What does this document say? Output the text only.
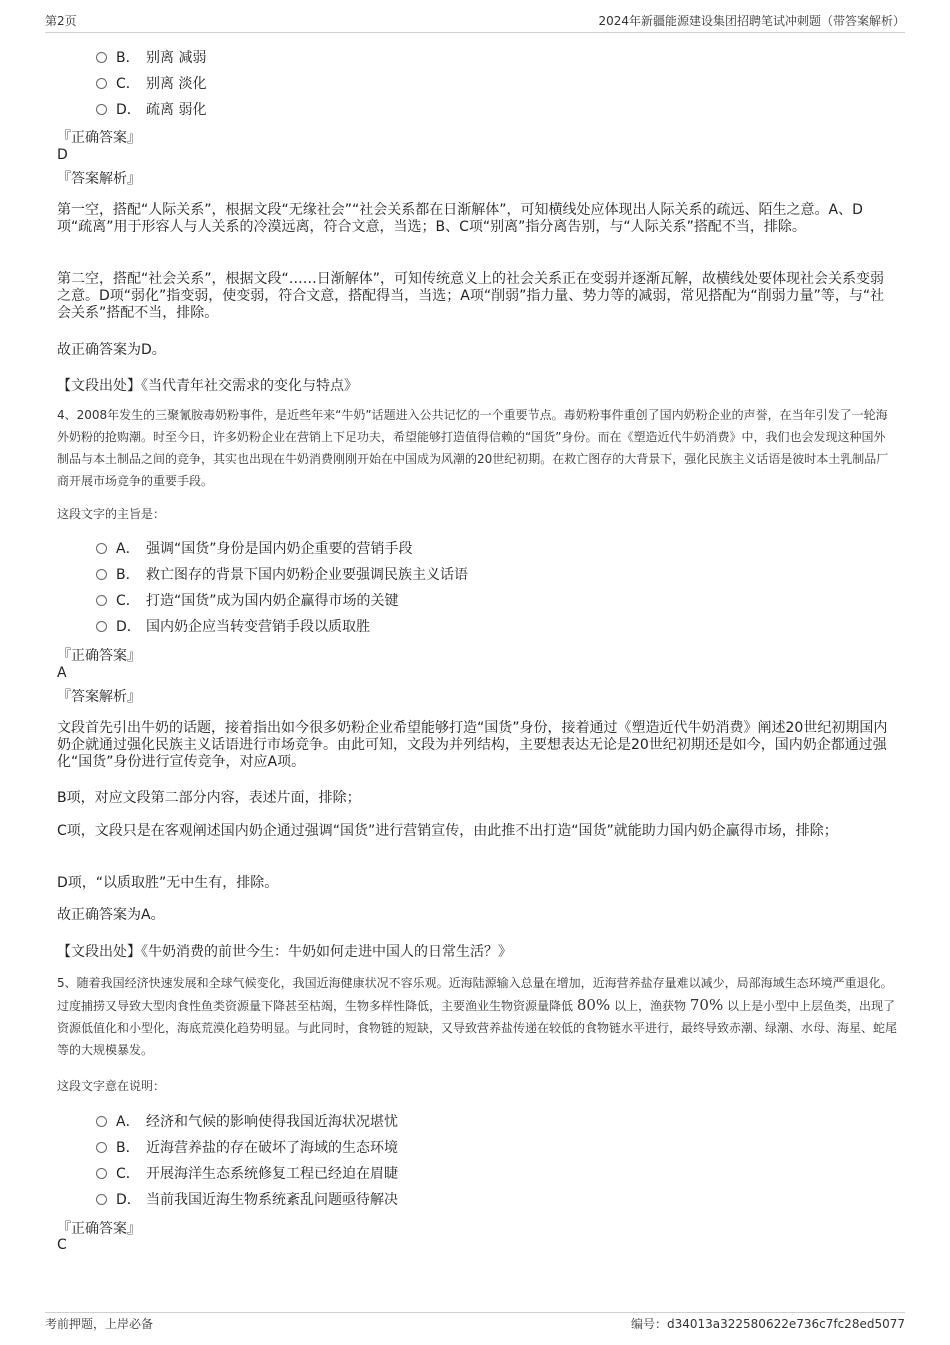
第2页	2024年新疆能源建设集团招聘笔试冲刺题（带答案解析）
B． 别离 减弱
C． 别离 淡化
D． 疏离 弱化
『正确答案』
D
『答案解析』
第一空，搭配“人际关系”，根据文段“无缘社会”“社会关系都在日渐解体”，可知横线处应体现出人际关系的疏远、陌生之意。A、D项“疏离”用于形容人与人关系的冷漠远离，符合文意，当选；B、C项“别离”指分离告别，与“人际关系”搭配不当，排除。
第二空，搭配“社会关系”，根据文段“……日渐解体”，可知传统意义上的社会关系正在变弱并逐渐瓦解，故横线处要体现社会关系变弱之意。D项“弱化”指变弱，使变弱，符合文意，搭配得当，当选；A项“削弱”指力量、势力等的减弱，常见搭配为“削弱力量”等，与“社会关系”搭配不当，排除。
故正确答案为D。
【文段出处】《当代青年社交需求的变化与特点》
4、2008年发生的三聚氰胺毒奶粉事件，是近些年来“牛奶”话题进入公共记忆的一个重要节点。毒奶粉事件重创了国内奶粉企业的声誉，在当年引发了一轮海外奶粉的抢购潮。时至今日，许多奶粉企业在营销上下足功夫，希望能够打造值得信赖的“国货”身份。而在《塑造近代牛奶消费》中，我们也会发现这种国外制品与本土制品之间的竞争，其实也出现在牛奶消费刚刚开始在中国成为风潮的20世纪初期。在救亡图存的大背景下，强化民族主义话语是彼时本土乳制品厂商开展市场竞争的重要手段。
这段文字的主旨是：
A． 强调“国货”身份是国内奶企重要的营销手段
B． 救亡图存的背景下国内奶粉企业要强调民族主义话语
C． 打造“国货”成为国内奶企赢得市场的关键
D． 国内奶企应当转变营销手段以质取胜
『正确答案』
A
『答案解析』
文段首先引出牛奶的话题，接着指出如今很多奶粉企业希望能够打造“国货”身份，接着通过《塑造近代牛奶消费》阐述20世纪初期国内奶企就通过强化民族主义话语进行市场竞争。由此可知，文段为并列结构，主要想表达无论是20世纪初期还是如今，国内奶企都通过强化“国货”身份进行宣传竞争，对应A项。
B项，对应文段第二部分内容，表述片面，排除；
C项，文段只是在客观阐述国内奶企通过强调“国货”进行营销宣传，由此推不出打造“国货”就能助力国内奶企赢得市场，排除；
D项，“以质取胜”无中生有，排除。
故正确答案为A。
【文段出处】《牛奶消费的前世今生：牛奶如何走进中国人的日常生活？》
5、随着我国经济快速发展和全球气候变化，我国近海健康状况不容乐观。近海陆源输入总量在增加，近海营养盐存量难以减少，局部海域生态环境严重退化。过度捕捞又导致大型肉食性鱼类资源量下降甚至枯竭，生物多样性降低，主要渔业生物资源量降低 80% 以上，渔获物 70% 以上是小型中上层鱼类，出现了资源低值化和小型化，海底荒漠化趋势明显。与此同时，食物链的短缺，又导致营养盐传递在较低的食物链水平进行，最终导致赤潮、绿潮、水母、海星、蛇尾等的大规模暴发。
这段文字意在说明：
A． 经济和气候的影响使得我国近海状况堪忧
B． 近海营养盐的存在破坏了海域的生态环境
C． 开展海洋生态系统修复工程已经迫在眉睫
D． 当前我国近海生物系统紊乱问题亟待解决
『正确答案』
C
考前押题，上岸必备	编号：d34013a322580622e736c7fc28ed5077
